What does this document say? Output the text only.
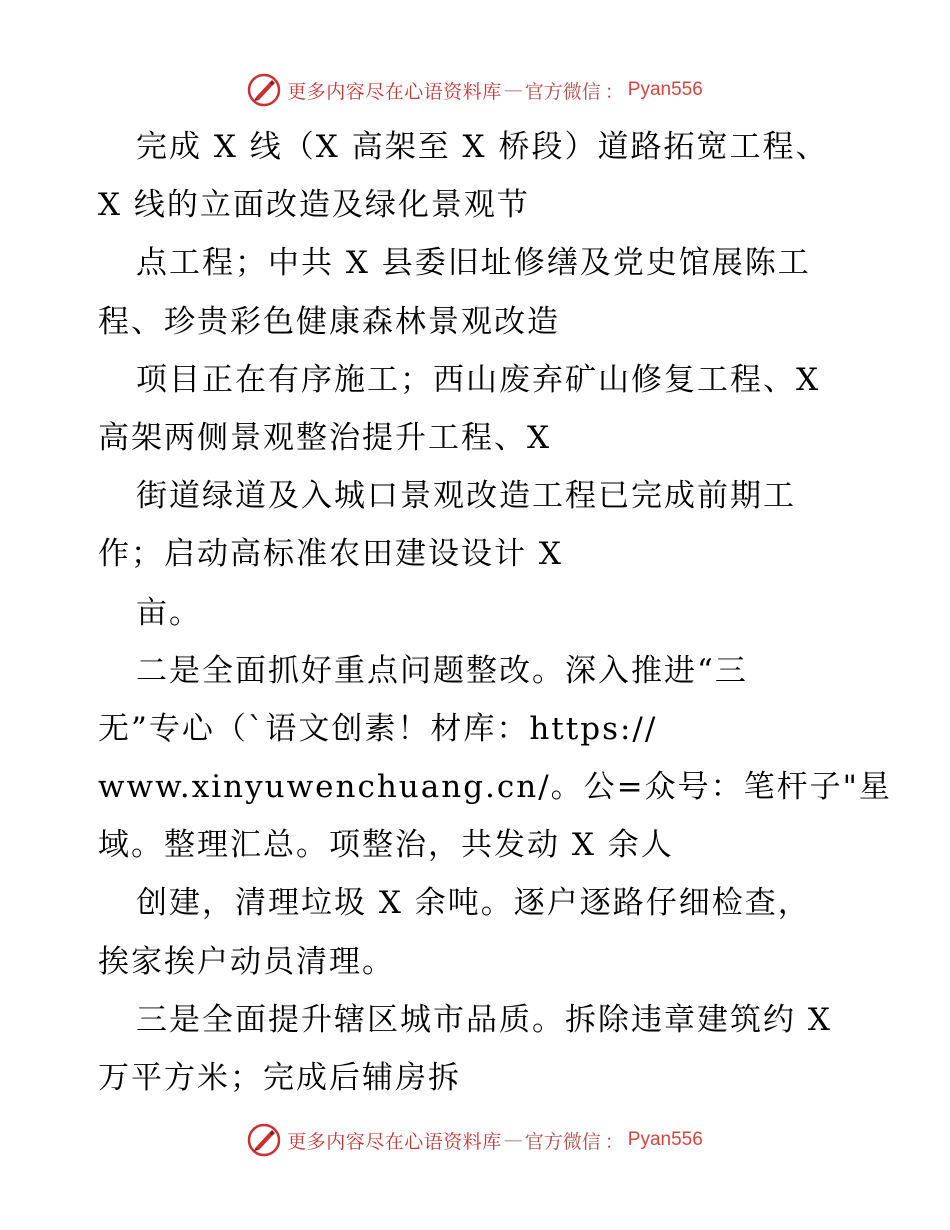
更多内容尽在心语资料库 — 官方微信 ： Pyan556
完成 X 线（X 高架至 X 桥段）道路拓宽工程、
X 线的立面改造及绿化景观节
点工程；中共 X 县委旧址修缮及党史馆展陈工
程、珍贵彩色健康森林景观改造
项目正在有序施工；西山废弃矿山修复工程、X
高架两侧景观整治提升工程、X
街道绿道及入城口景观改造工程已完成前期工
作；启动高标准农田建设设计 X
亩。
二是全面抓好重点问题整改。深入推进“三
无”专心（`语文创素！材库：https://
www.xinyuwenchuang.cn/。公=众号：笔杆子"星
域。整理汇总。项整治，共发动 X 余人
创建，清理垃圾 X 余吨。逐户逐路仔细检查，
挨家挨户动员清理。
三是全面提升辖区城市品质。拆除违章建筑约 X
万平方米；完成后辅房拆
更多内容尽在心语资料库 — 官方微信 ： Pyan556
